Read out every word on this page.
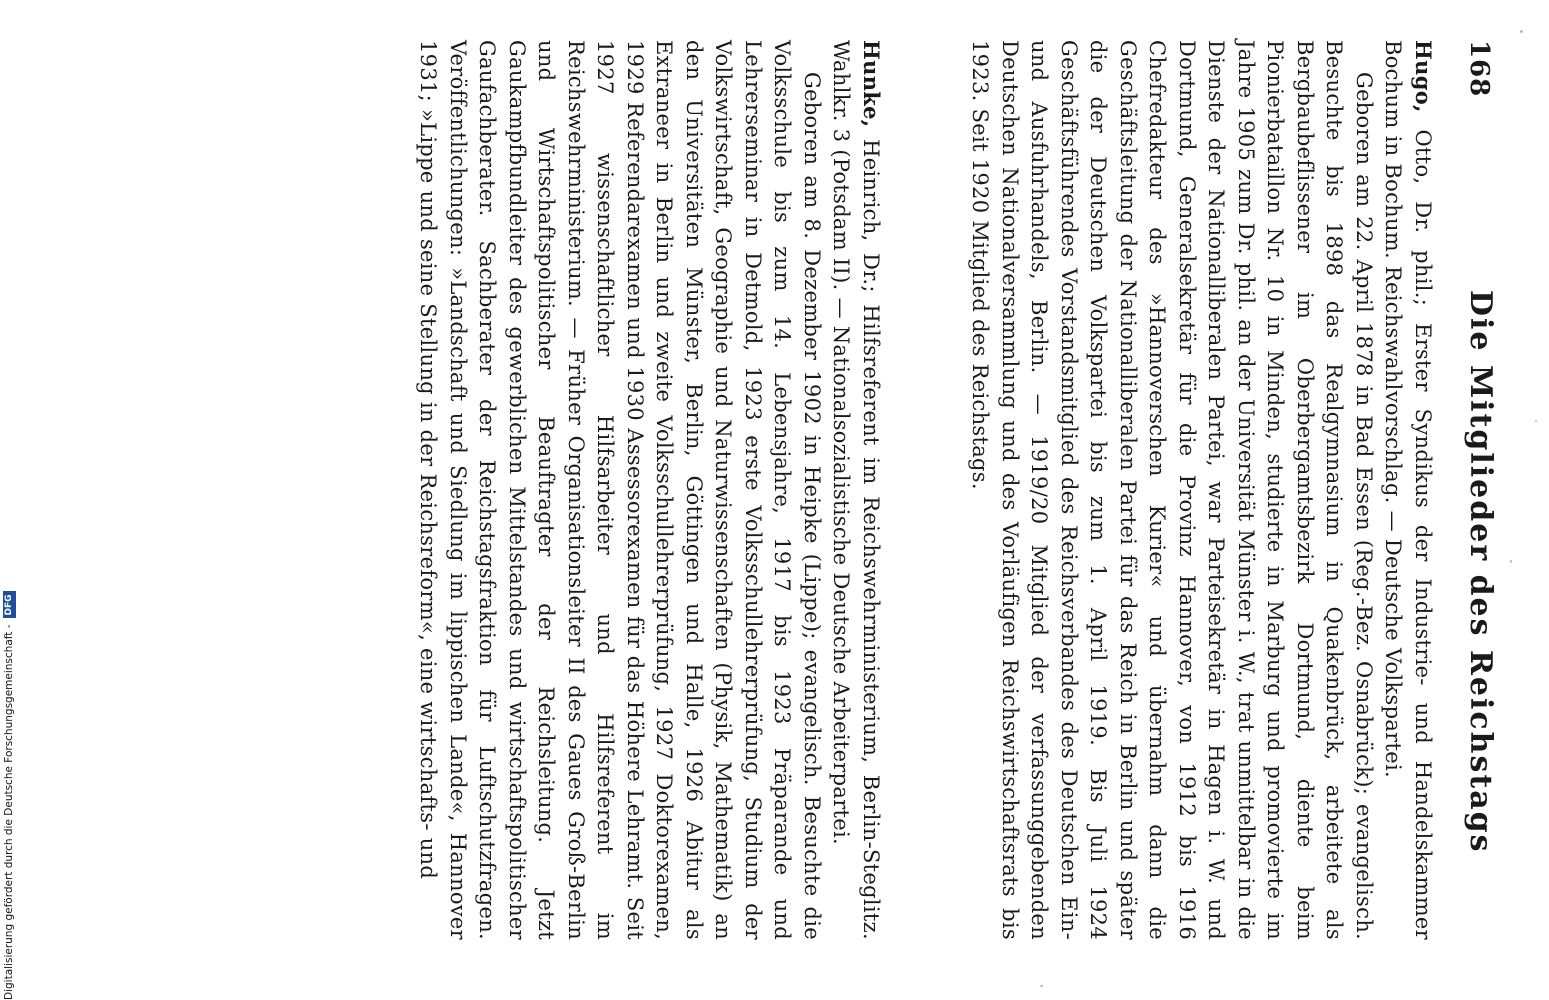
168
Die Mitglieder des Reichstags

Hugo, Otto, Dr. phil.; Erster Syndikus der Industrie- und Handelskammer Bochum in Bochum. Reichswahlvorschlag. — Deutsche Volkspartei.

Geboren am 22. April 1878 in Bad Essen (Reg.-Bez. Osnabrück); evangelisch. Besuchte bis 1898 das Realgymnasium in Quakenbrück, arbeitete als Bergbaubeflissener im Oberbergamtsbezirk Dortmund, diente beim Pionierbataillon Nr. 10 in Minden, studierte in Marburg und promovierte im Jahre 1905 zum Dr. phil. an der Universität Münster i. W., trat unmittelbar in die Dienste der Nationalliberalen Partei, war Parteisekretär in Hagen i. W. und Dortmund, Generalsekretär für die Provinz Hannover, von 1912 bis 1916 Chefredakteur des »Hannoverschen Kurier« und übernahm dann die Geschäftsleitung der Nationalliberalen Partei für das Reich in Berlin und später die der Deutschen Volkspartei bis zum 1. April 1919. Bis Juli 1924 Geschäftsführendes Vorstandsmitglied des Reichsverbandes des Deutschen Ein- und Ausfuhrhandels, Berlin. — 1919/20 Mitglied der verfassunggebenden Deutschen Nationalversammlung und des Vorläufigen Reichswirtschaftsrats bis 1923. Seit 1920 Mitglied des Reichstags.

Hunke, Heinrich, Dr.; Hilfsreferent im Reichswehrministerium, Berlin-Steglitz. Wahlkr. 3 (Potsdam II). — Nationalsozialistische Deutsche Arbeiterpartei.

Geboren am 8. Dezember 1902 in Heipke (Lippe); evangelisch. Besuchte die Volksschule bis zum 14. Lebensjahre, 1917 bis 1923 Präparande und Lehrerseminar in Detmold, 1923 erste Volksschullehrerprüfung, Studium der Volkswirtschaft, Geographie und Naturwissenschaften (Physik, Mathematik) an den Universitäten Münster, Berlin, Göttingen und Halle, 1926 Abitur als Extraneer in Berlin und zweite Volksschullehrerprüfung, 1927 Doktorexamen, 1929 Referendarexamen und 1930 Assessorexamen für das Höhere Lehramt. Seit 1927 wissenschaftlicher Hilfsarbeiter und Hilfsreferent im Reichswehrministerium. — Früher Organisationsleiter II des Gaues Groß-Berlin und Wirtschaftspolitischer Beauftragter der Reichsleitung. Jetzt Gaukampfbundleiter des gewerblichen Mittelstandes und wirtschaftspolitischer Gaufachberater. Sachberater der Reichstagsfraktion für Luftschutzfragen. Veröffentlichungen: »Landschaft und Siedlung im lippischen Lande«, Hannover 1931; »Lippe und seine Stellung in der Reichsreform«, eine wirtschafts- und

Digitalisierung gefördert durch die Deutsche Forschungsgemeinschaft -
DFG
